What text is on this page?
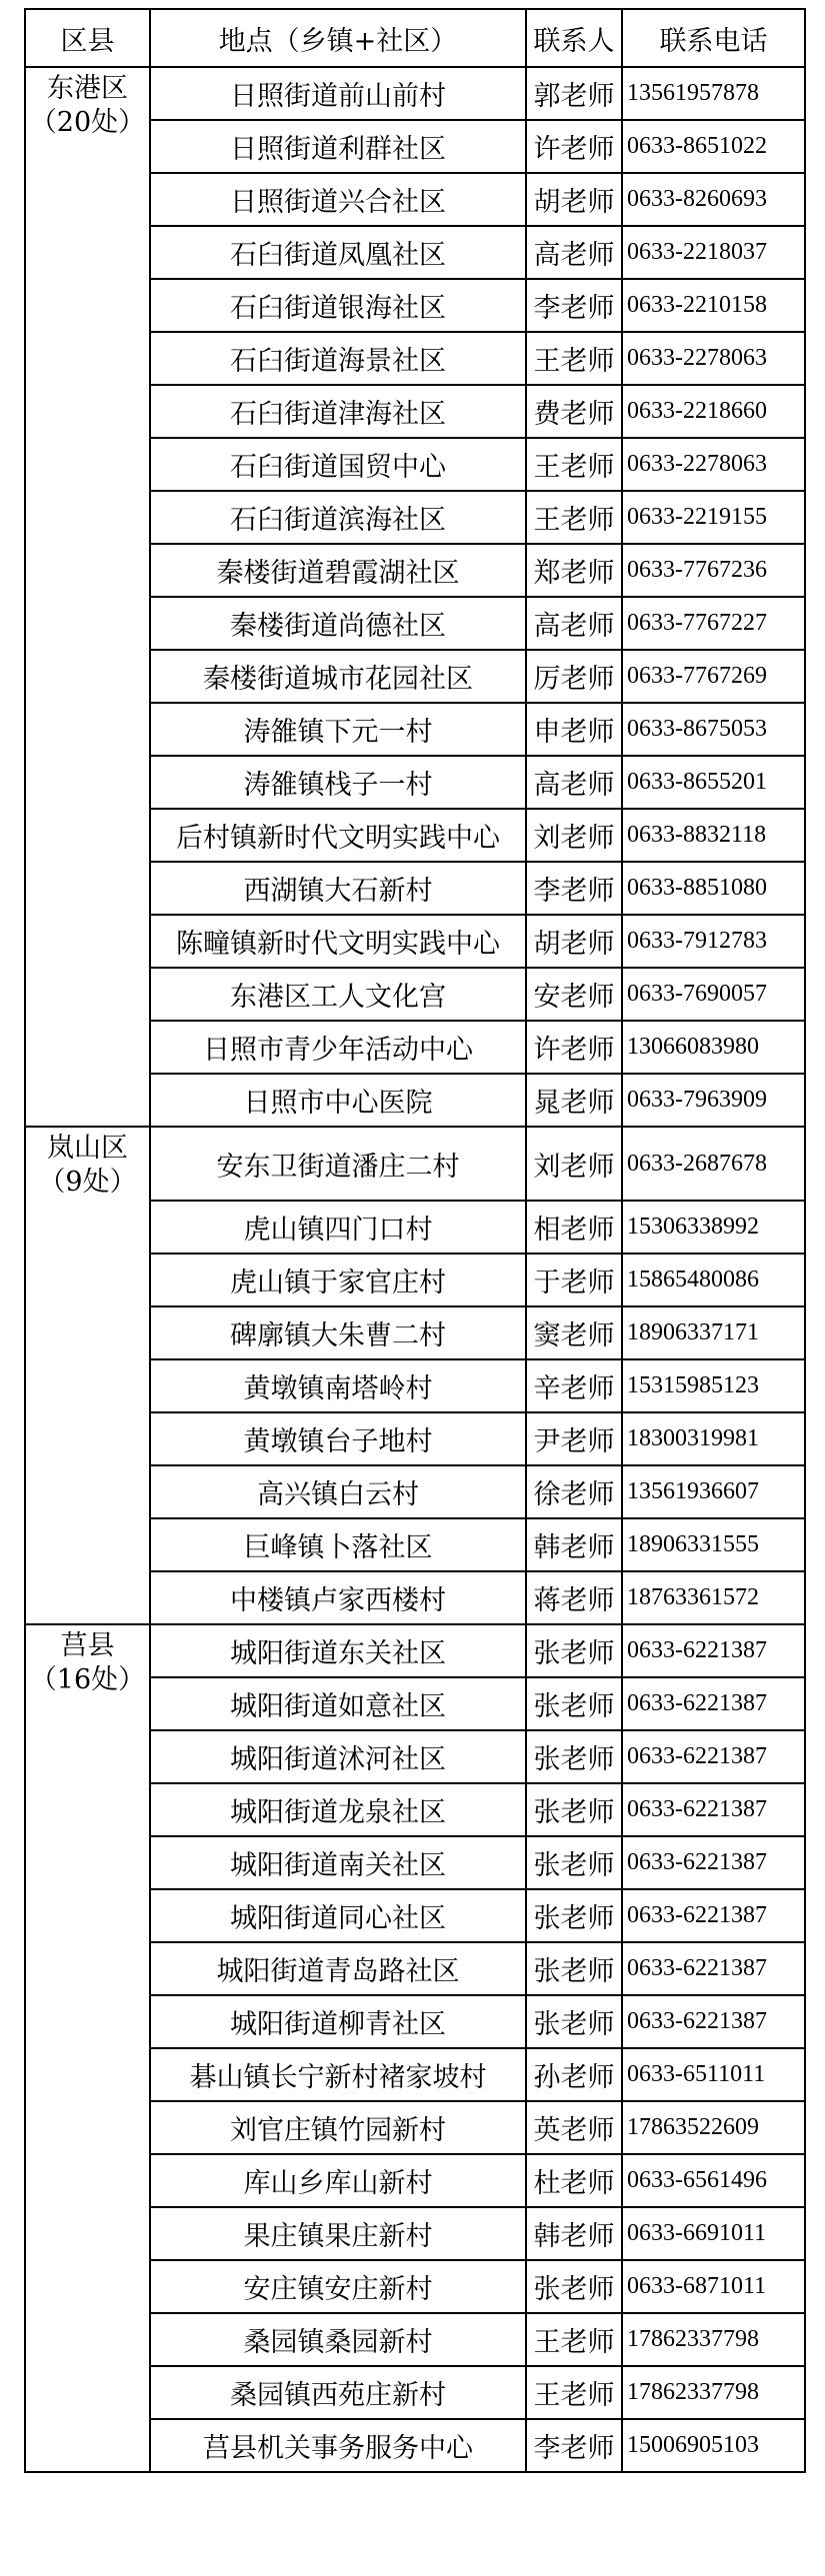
区县	地点（乡镇+社区）	联系人	联系电话

东港区
（20处）	日照街道前山前村	郭老师	13561957878
	日照街道利群社区	许老师	0633-8651022
	日照街道兴合社区	胡老师	0633-8260693
	石臼街道凤凰社区	高老师	0633-2218037
	石臼街道银海社区	李老师	0633-2210158
	石臼街道海景社区	王老师	0633-2278063
	石臼街道津海社区	费老师	0633-2218660
	石臼街道国贸中心	王老师	0633-2278063
	石臼街道滨海社区	王老师	0633-2219155
	秦楼街道碧霞湖社区	郑老师	0633-7767236
	秦楼街道尚德社区	高老师	0633-7767227
	秦楼街道城市花园社区	厉老师	0633-7767269
	涛雒镇下元一村	申老师	0633-8675053
	涛雒镇栈子一村	高老师	0633-8655201
	后村镇新时代文明实践中心	刘老师	0633-8832118
	西湖镇大石新村	李老师	0633-8851080
	陈疃镇新时代文明实践中心	胡老师	0633-7912783
	东港区工人文化宫	安老师	0633-7690057
	日照市青少年活动中心	许老师	13066083980
	日照市中心医院	晁老师	0633-7963909

岚山区
（9处）	安东卫街道潘庄二村	刘老师	0633-2687678
	虎山镇四门口村	相老师	15306338992
	虎山镇于家官庄村	于老师	15865480086
	碑廓镇大朱曹二村	窦老师	18906337171
	黄墩镇南塔岭村	辛老师	15315985123
	黄墩镇台子地村	尹老师	18300319981
	高兴镇白云村	徐老师	13561936607
	巨峰镇卜落社区	韩老师	18906331555
	中楼镇卢家西楼村	蒋老师	18763361572

莒县
（16处）	城阳街道东关社区	张老师	0633-6221387
	城阳街道如意社区	张老师	0633-6221387
	城阳街道沭河社区	张老师	0633-6221387
	城阳街道龙泉社区	张老师	0633-6221387
	城阳街道南关社区	张老师	0633-6221387
	城阳街道同心社区	张老师	0633-6221387
	城阳街道青岛路社区	张老师	0633-6221387
	城阳街道柳青社区	张老师	0633-6221387
	碁山镇长宁新村褚家坡村	孙老师	0633-6511011
	刘官庄镇竹园新村	英老师	17863522609
	库山乡库山新村	杜老师	0633-6561496
	果庄镇果庄新村	韩老师	0633-6691011
	安庄镇安庄新村	张老师	0633-6871011
	桑园镇桑园新村	王老师	17862337798
	桑园镇西苑庄新村	王老师	17862337798
	莒县机关事务服务中心	李老师	15006905103
